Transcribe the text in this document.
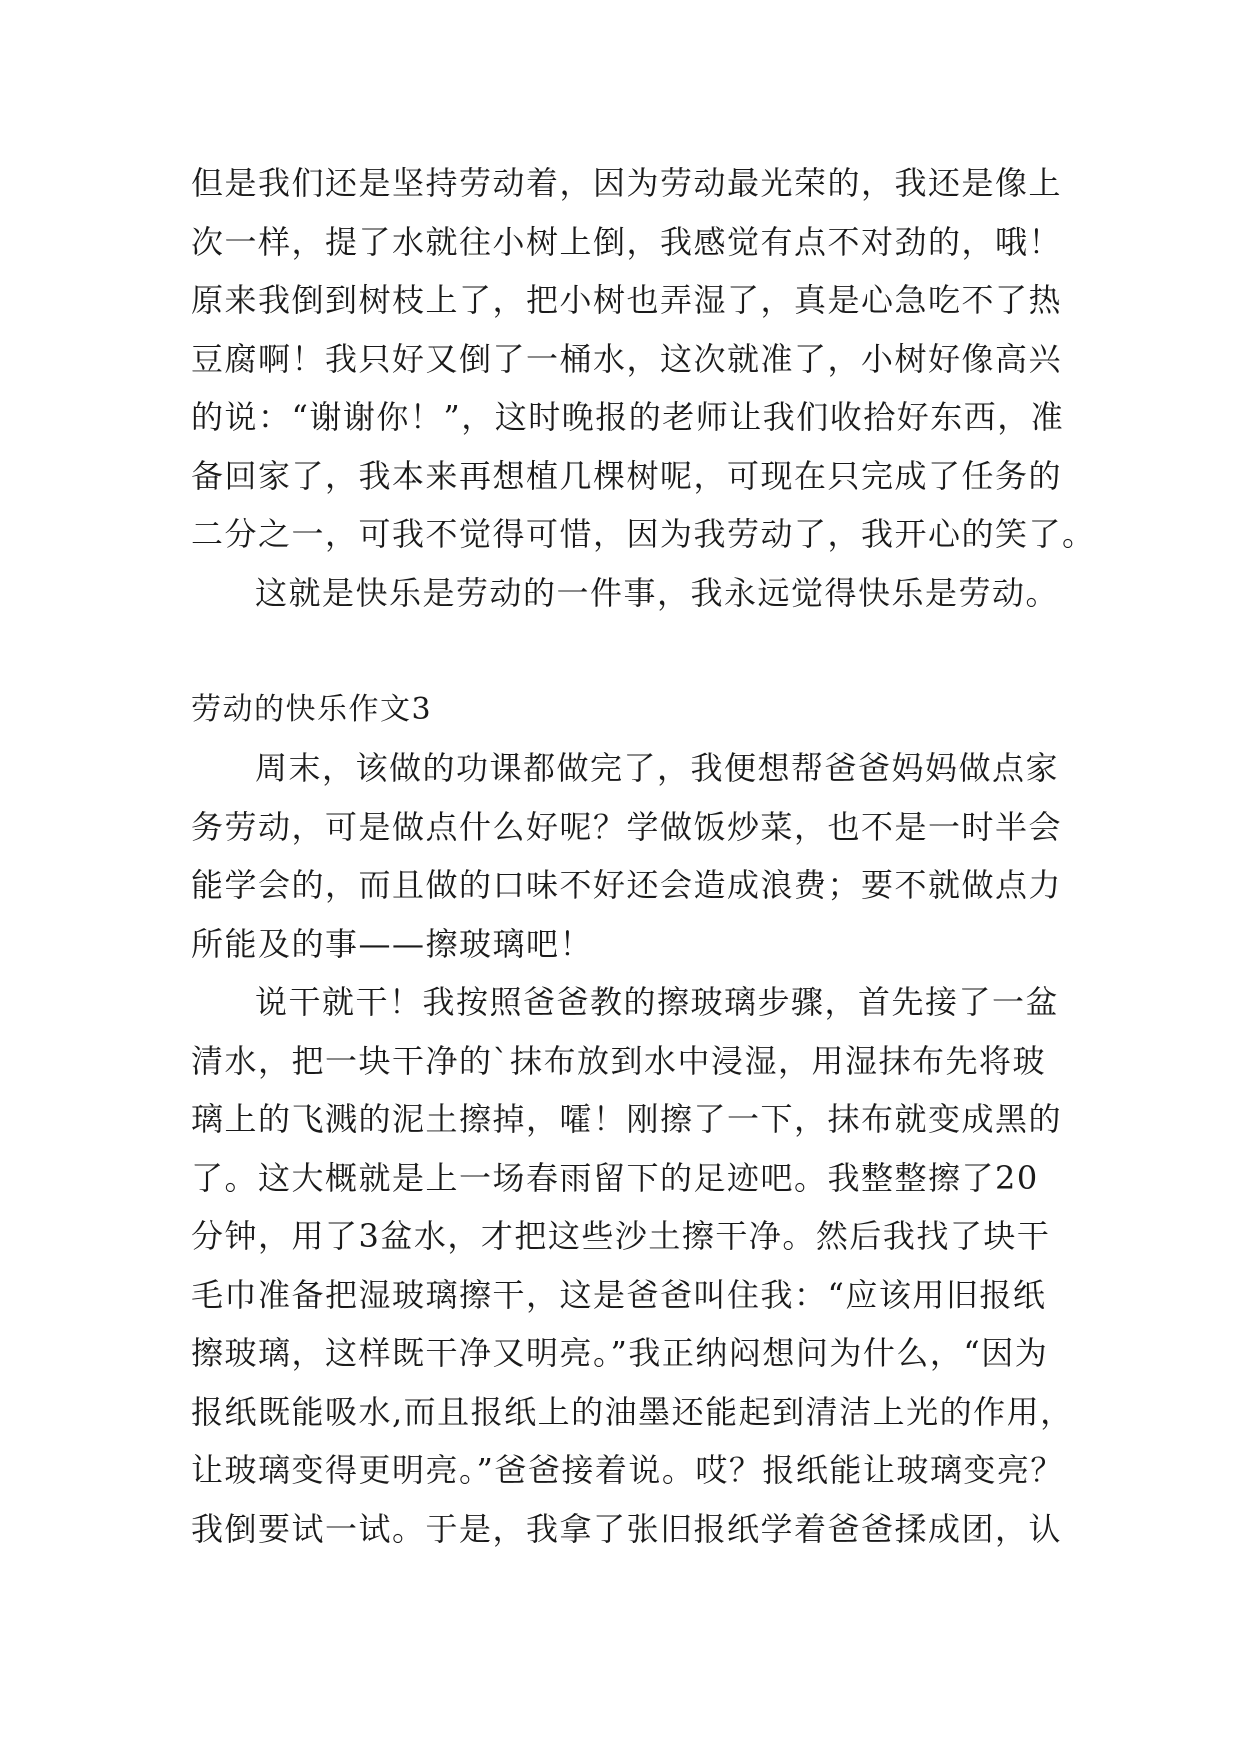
但是我们还是坚持劳动着，因为劳动最光荣的，我还是像上
次一样，提了水就往小树上倒，我感觉有点不对劲的，哦！
原来我倒到树枝上了，把小树也弄湿了，真是心急吃不了热
豆腐啊！我只好又倒了一桶水，这次就准了，小树好像高兴
的说：“谢谢你！”，这时晚报的老师让我们收拾好东西，准
备回家了，我本来再想植几棵树呢，可现在只完成了任务的
二分之一，可我不觉得可惜，因为我劳动了，我开心的笑了。
这就是快乐是劳动的一件事，我永远觉得快乐是劳动。
劳动的快乐作文3
周末，该做的功课都做完了，我便想帮爸爸妈妈做点家
务劳动，可是做点什么好呢？学做饭炒菜，也不是一时半会
能学会的，而且做的口味不好还会造成浪费；要不就做点力
所能及的事——擦玻璃吧！
说干就干！我按照爸爸教的擦玻璃步骤，首先接了一盆
清水，把一块干净的`抹布放到水中浸湿，用湿抹布先将玻
璃上的飞溅的泥土擦掉，嚯！刚擦了一下，抹布就变成黑的
了。这大概就是上一场春雨留下的足迹吧。我整整擦了20
分钟，用了3盆水，才把这些沙土擦干净。然后我找了块干
毛巾准备把湿玻璃擦干，这是爸爸叫住我：“应该用旧报纸
擦玻璃，这样既干净又明亮。”我正纳闷想问为什么，“因为
报纸既能吸水,而且报纸上的油墨还能起到清洁上光的作用，
让玻璃变得更明亮。”爸爸接着说。哎？报纸能让玻璃变亮？
我倒要试一试。于是，我拿了张旧报纸学着爸爸揉成团，认
